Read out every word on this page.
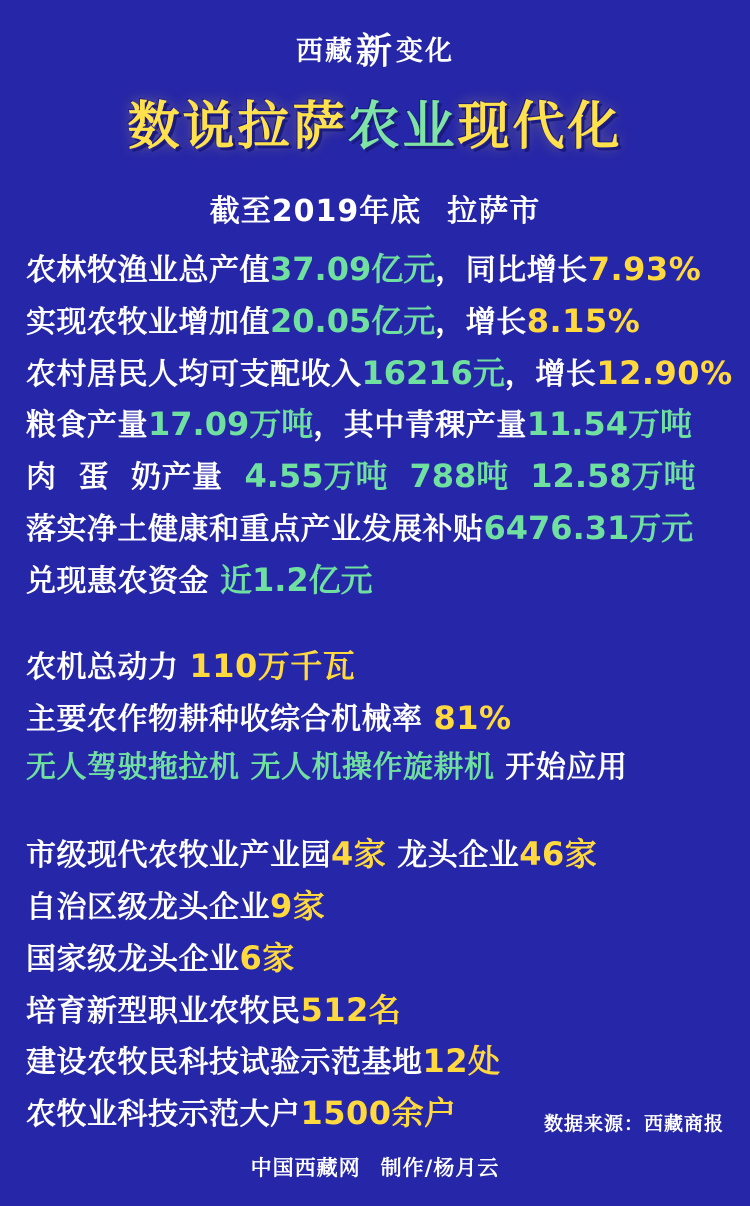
西藏新变化
数说拉萨农业现代化
截至2019年底 拉萨市
农林牧渔业总产值37.09亿元，同比增长7.93%
实现农牧业增加值20.05亿元，增长8.15%
农村居民人均可支配收入16216元，增长12.90%
粮食产量17.09万吨，其中青稞产量11.54万吨
肉 蛋 奶产量 4.55万吨 788吨 12.58万吨
落实净土健康和重点产业发展补贴6476.31万元
兑现惠农资金 近1.2亿元
农机总动力 110万千瓦
主要农作物耕种收综合机械率 81%
无人驾驶拖拉机 无人机操作旋耕机 开始应用
市级现代农牧业产业园4家 龙头企业46家
自治区级龙头企业9家
国家级龙头企业6家
培育新型职业农牧民512名
建设农牧民科技试验示范基地12处
农牧业科技示范大户1500余户	数据来源：西藏商报
中国西藏网 制作/杨月云
